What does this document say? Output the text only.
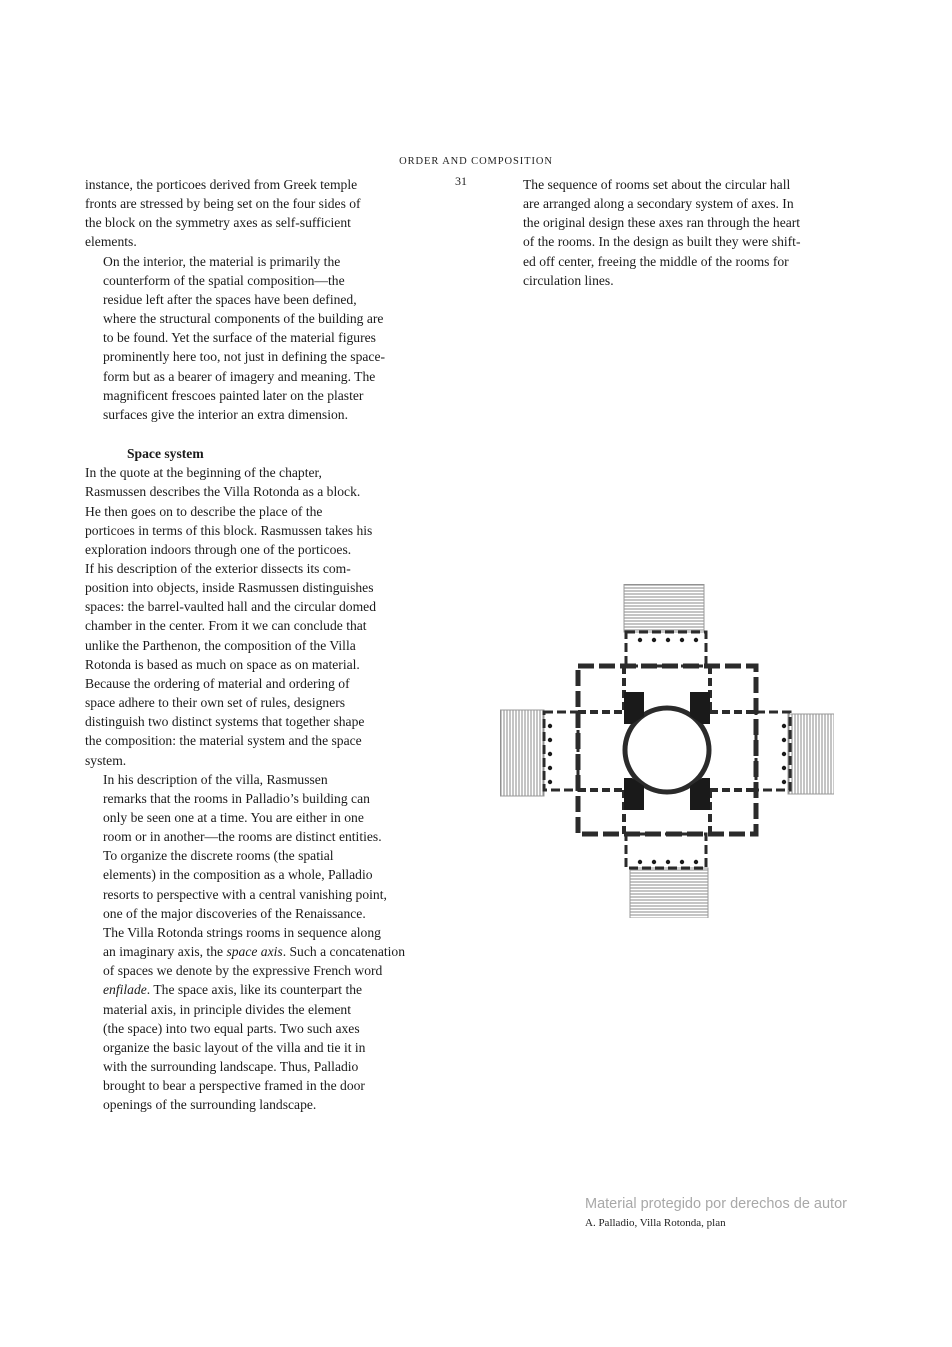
ORDER AND COMPOSITION

instance, the porticoes derived from Greek temple
fronts are stressed by being set on the four sides of
the block on the symmetry axes as self-sufficient
elements.

On the interior, the material is primarily the
counterform of the spatial composition—the
residue left after the spaces have been defined,
where the structural components of the building are
to be found. Yet the surface of the material figures
prominently here too, not just in defining the space-
form but as a bearer of imagery and meaning. The
magnificent frescoes painted later on the plaster
surfaces give the interior an extra dimension.

Space system

In the quote at the beginning of the chapter,
Rasmussen describes the Villa Rotonda as a block.
He then goes on to describe the place of the
porticoes in terms of this block. Rasmussen takes his
exploration indoors through one of the porticoes.
If his description of the exterior dissects its com-
position into objects, inside Rasmussen distinguishes
spaces: the barrel-vaulted hall and the circular domed
chamber in the center. From it we can conclude that
unlike the Parthenon, the composition of the Villa
Rotonda is based as much on space as on material.
Because the ordering of material and ordering of
space adhere to their own set of rules, designers
distinguish two distinct systems that together shape
the composition: the material system and the space
system.

In his description of the villa, Rasmussen
remarks that the rooms in Palladio’s building can
only be seen one at a time. You are either in one
room or in another—the rooms are distinct entities.
To organize the discrete rooms (the spatial
elements) in the composition as a whole, Palladio
resorts to perspective with a central vanishing point,
one of the major discoveries of the Renaissance.
The Villa Rotonda strings rooms in sequence along
an imaginary axis, the space axis. Such a concatenation
of spaces we denote by the expressive French word
enfilade. The space axis, like its counterpart the
material axis, in principle divides the element
(the space) into two equal parts. Two such axes
organize the basic layout of the villa and tie it in
with the surrounding landscape. Thus, Palladio
brought to bear a perspective framed in the door
openings of the surrounding landscape.

31	The sequence of rooms set about the circular hall
are arranged along a secondary system of axes. In
the original design these axes ran through the heart
of the rooms. In the design as built they were shift-
ed off center, freeing the middle of the rooms for
circulation lines.

Material protegido por derechos de autor
A. Palladio, Villa Rotonda, plan
